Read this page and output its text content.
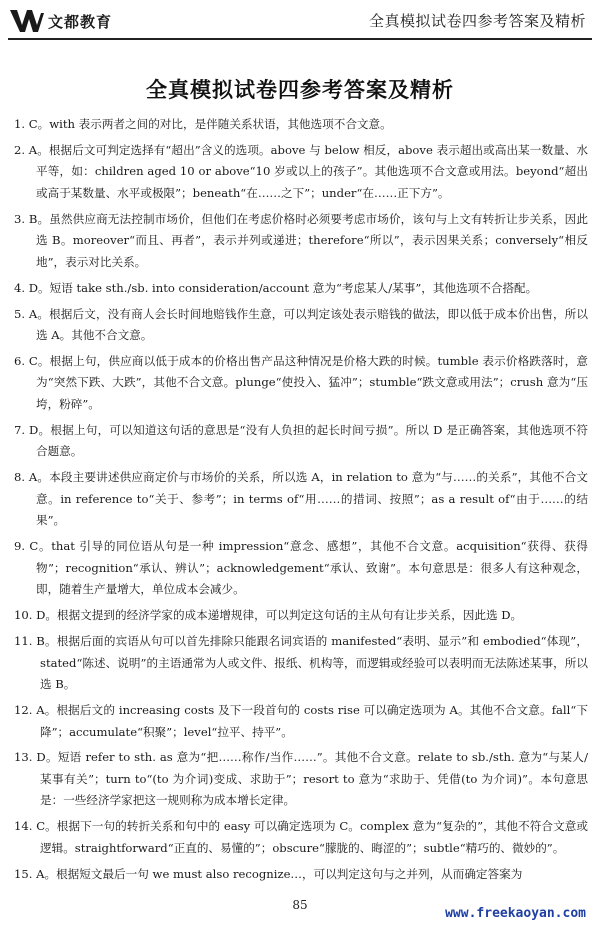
文都教育	全真模拟试卷四参考答案及精析
全真模拟试卷四参考答案及精析
1. C。with 表示两者之间的对比，是伴随关系状语，其他选项不合文意。
2. A。根据后文可判定选择有“超出”含义的选项。above 与 below 相反，above 表示超出或高出某一数量、水平等，如：children aged 10 or above“10 岁或以上的孩子”。其他选项不合文意或用法。beyond“超出或高于某数量、水平或极限”；beneath“在……之下”；under“在……正下方”。
3. B。虽然供应商无法控制市场价，但他们在考虑价格时必须要考虑市场价，该句与上文有转折让步关系，因此选 B。moreover“而且、再者”，表示并列或递进；therefore“所以”，表示因果关系；conversely“相反地”，表示对比关系。
4. D。短语 take sth./sb. into consideration/account 意为“考虑某人/某事”，其他选项不合搭配。
5. A。根据后文，没有商人会长时间地赔钱作生意，可以判定该处表示赔钱的做法，即以低于成本价出售，所以选 A。其他不合文意。
6. C。根据上句，供应商以低于成本的价格出售产品这种情况是价格大跌的时候。tumble 表示价格跌落时，意为“突然下跌、大跌”，其他不合文意。plunge“使投入、猛冲”；stumble“跌文意或用法”；crush 意为“压垮，粉碎”。
7. D。根据上句，可以知道这句话的意思是“没有人负担的起长时间亏损”。所以 D 是正确答案，其他选项不符合题意。
8. A。本段主要讲述供应商定价与市场价的关系，所以选 A，in relation to 意为“与……的关系”，其他不合文意。in reference to“关于、参考”；in terms of“用……的措词、按照”；as a result of“由于……的结果”。
9. C。that 引导的同位语从句是一种 impression“意念、感想”，其他不合文意。acquisition“获得、获得物”；recognition“承认、辨认”；acknowledgement“承认、致谢”。本句意思是：很多人有这种观念，即，随着生产量增大，单位成本会减少。
10. D。根据文提到的经济学家的成本递增规律，可以判定这句话的主从句有让步关系，因此选 D。
11. B。根据后面的宾语从句可以首先排除只能跟名词宾语的 manifested“表明、显示”和 embodied“体现”，stated“陈述、说明”的主语通常为人或文件、报纸、机构等，而逻辑或经验可以表明而无法陈述某事，所以选 B。
12. A。根据后文的 increasing costs 及下一段首句的 costs rise 可以确定选项为 A。其他不合文意。fall“下降”；accumulate“积聚”；level“拉平、持平”。
13. D。短语 refer to sth. as 意为“把……称作/当作……”。其他不合文意。relate to sb./sth. 意为“与某人/某事有关”；turn to“(to 为介词)变成、求助于”；resort to 意为“求助于、凭借(to 为介词)”。本句意思是：一些经济学家把这一规则称为成本增长定律。
14. C。根据下一句的转折关系和句中的 easy 可以确定选项为 C。complex 意为“复杂的”，其他不符合文意或逻辑。straightforward“正直的、易懂的”；obscure“朦胧的、晦涩的”；subtle“精巧的、微妙的”。
15. A。根据短文最后一句 we must also recognize…，可以判定这句与之并列，从而确定答案为
85
www.freekaoyan.com
